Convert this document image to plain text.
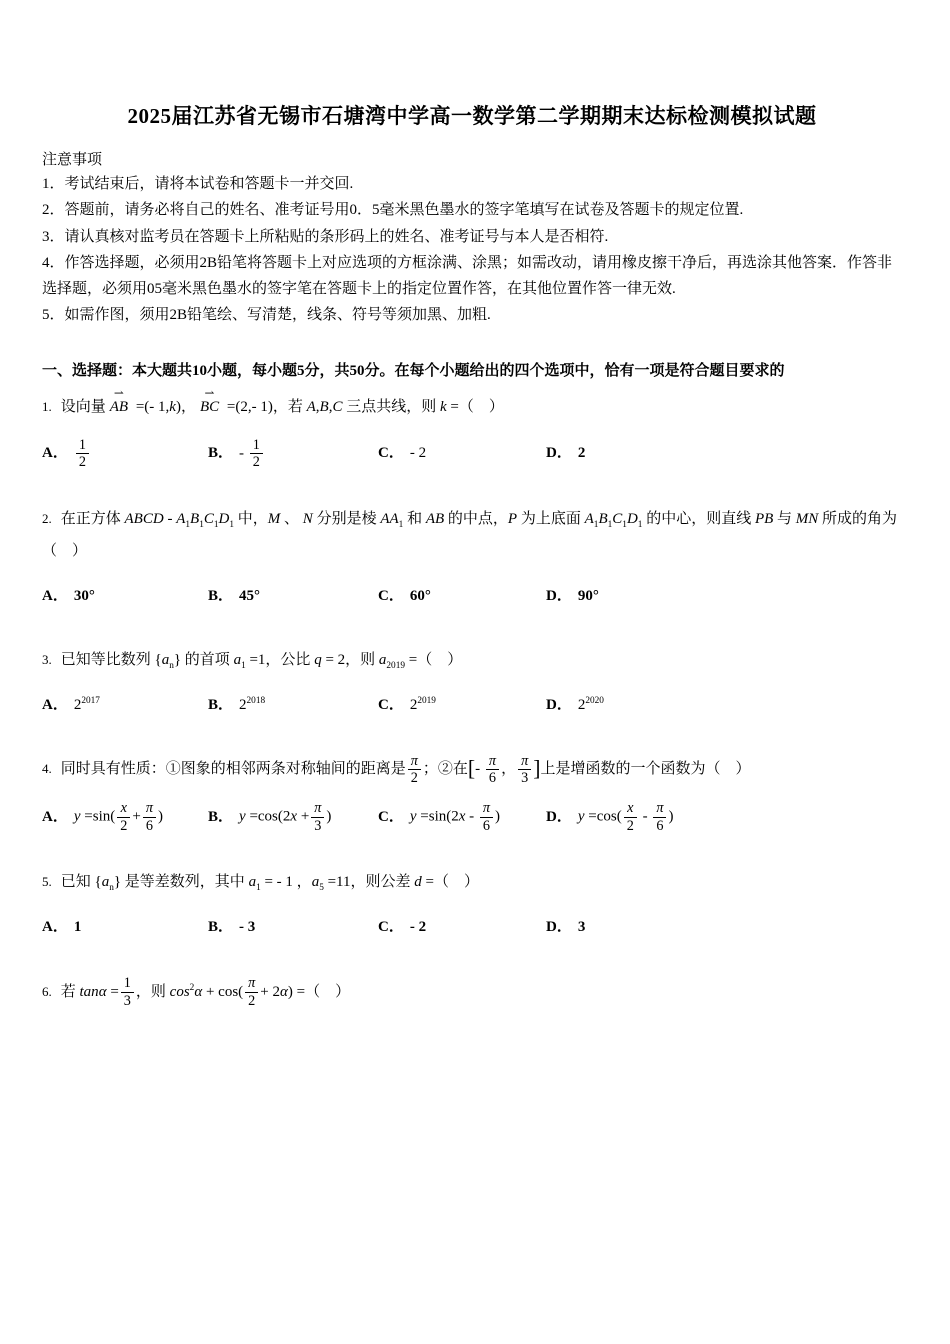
2025届江苏省无锡市石塘湾中学高一数学第二学期期末达标检测模拟试题

注意事项

1．考试结束后，请将本试卷和答题卡一并交回.

2．答题前，请务必将自己的姓名、准考证号用0．5毫米黑色墨水的签字笔填写在试卷及答题卡的规定位置.

3．请认真核对监考员在答题卡上所粘贴的条形码上的姓名、准考证号与本人是否相符.

4．作答选择题，必须用2B铅笔将答题卡上对应选项的方框涂满、涂黑；如需改动，请用橡皮擦干净后，再选涂其他答案．作答非选择题，必须用05毫米黑色墨水的签字笔在答题卡上的指定位置作答，在其他位置作答一律无效.

5．如需作图，须用2B铅笔绘、写清楚，线条、符号等须加黑、加粗.

一、选择题：本大题共10小题，每小题5分，共50分。在每个小题给出的四个选项中，恰有一项是符合题目要求的

1. 设向量
⇀
AB =(- 1,k)，
⇀
BC =(2,- 1)，若 A,B,C 三点共线，则 k =（　）
A． $\frac{1}{2}$	B． - $\frac{1}{2}$	C． - 2	D． 2
2. 在正方体 ABCD - $A_1B_1C_1D_1$ 中，M 、 N 分别是棱 $AA_1$ 和 AB 的中点，P 为上底面 $A_1B_1C_1D_1$ 的中心，则直线 PB 与 MN 所成的角为（　）
A． 30°	B． 45°	C． 60°	D． 90°
3. 已知等比数列 $\{a_n\}$ 的首项 $a_1 =1$，公比 q = 2，则 $a_{2019}$ =（　）
A． $2^{2017}$	B． $2^{2018}$	C． $2^{2019}$	D． $2^{2020}$
4. 同时具有性质：①图象的相邻两条对称轴间的距离是 $\frac{\pi}{2}$ ；②在[- $\frac{\pi}{6}$ ， $\frac{\pi}{3}$ ]上是增函数的一个函数为（　）
A． $y =\sin( \frac{x}{2} + \frac{\pi}{6}$ )	B． $y =\cos(2x + \frac{\pi}{3}$ )	C． $y =\sin(2x - \frac{\pi}{6}$ )	D． $y =\cos( \frac{x}{2} - \frac{\pi}{6}$ )
5. 已知 $\{a_n\}$ 是等差数列，其中 $a_1$ = - 1 ，$a_5 =11$，则公差 d =（　）
A． 1	B． - 3	C． - 2	D． 3
6. 若 $\tan\alpha = \frac{1}{3}$ ，则 $\cos^2\alpha + \cos( \frac{\pi}{2} + 2\alpha)$ =（　）
